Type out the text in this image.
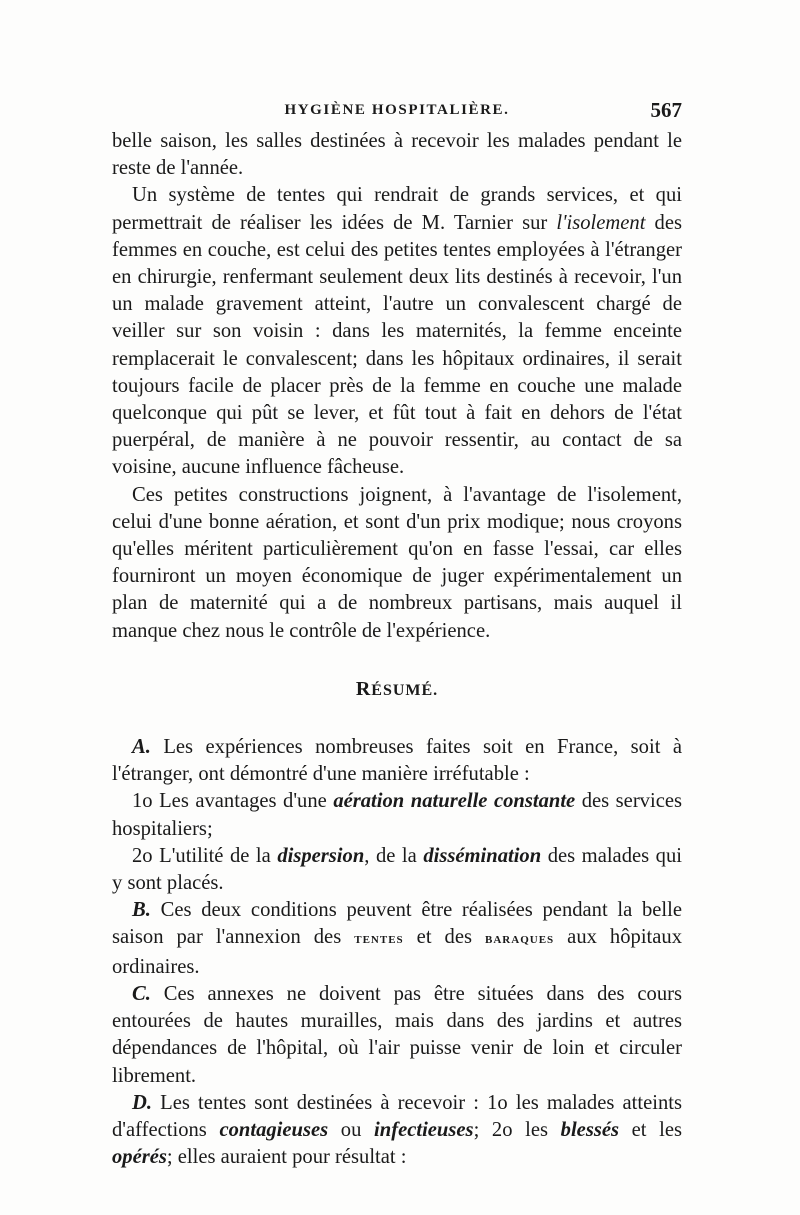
HYGIÈNE HOSPITALIÈRE.	567

belle saison, les salles destinées à recevoir les malades pendant le reste de l'année.

Un système de tentes qui rendrait de grands services, et qui permettrait de réaliser les idées de M. Tarnier sur l'isolement des femmes en couche, est celui des petites tentes employées à l'étranger en chirurgie, renfermant seulement deux lits destinés à recevoir, l'un un malade gravement atteint, l'autre un convalescent chargé de veiller sur son voisin : dans les maternités, la femme enceinte remplacerait le convalescent; dans les hôpitaux ordinaires, il serait toujours facile de placer près de la femme en couche une malade quelconque qui pût se lever, et fût tout à fait en dehors de l'état puerpéral, de manière à ne pouvoir ressentir, au contact de sa voisine, aucune influence fâcheuse.

Ces petites constructions joignent, à l'avantage de l'isolement, celui d'une bonne aération, et sont d'un prix modique; nous croyons qu'elles méritent particulièrement qu'on en fasse l'essai, car elles fourniront un moyen économique de juger expérimentalement un plan de maternité qui a de nombreux partisans, mais auquel il manque chez nous le contrôle de l'expérience.

RÉSUMÉ.

A. Les expériences nombreuses faites soit en France, soit à l'étranger, ont démontré d'une manière irréfutable :

1o Les avantages d'une aération naturelle constante des services hospitaliers;

2o L'utilité de la dispersion, de la dissémination des malades qui y sont placés.

B. Ces deux conditions peuvent être réalisées pendant la belle saison par l'annexion des tentes et des baraques aux hôpitaux ordinaires.

C. Ces annexes ne doivent pas être situées dans des cours entourées de hautes murailles, mais dans des jardins et autres dépendances de l'hôpital, où l'air puisse venir de loin et circuler librement.

D. Les tentes sont destinées à recevoir : 1o les malades atteints d'affections contagieuses ou infectieuses; 2o les blessés et les opérés; elles auraient pour résultat :
